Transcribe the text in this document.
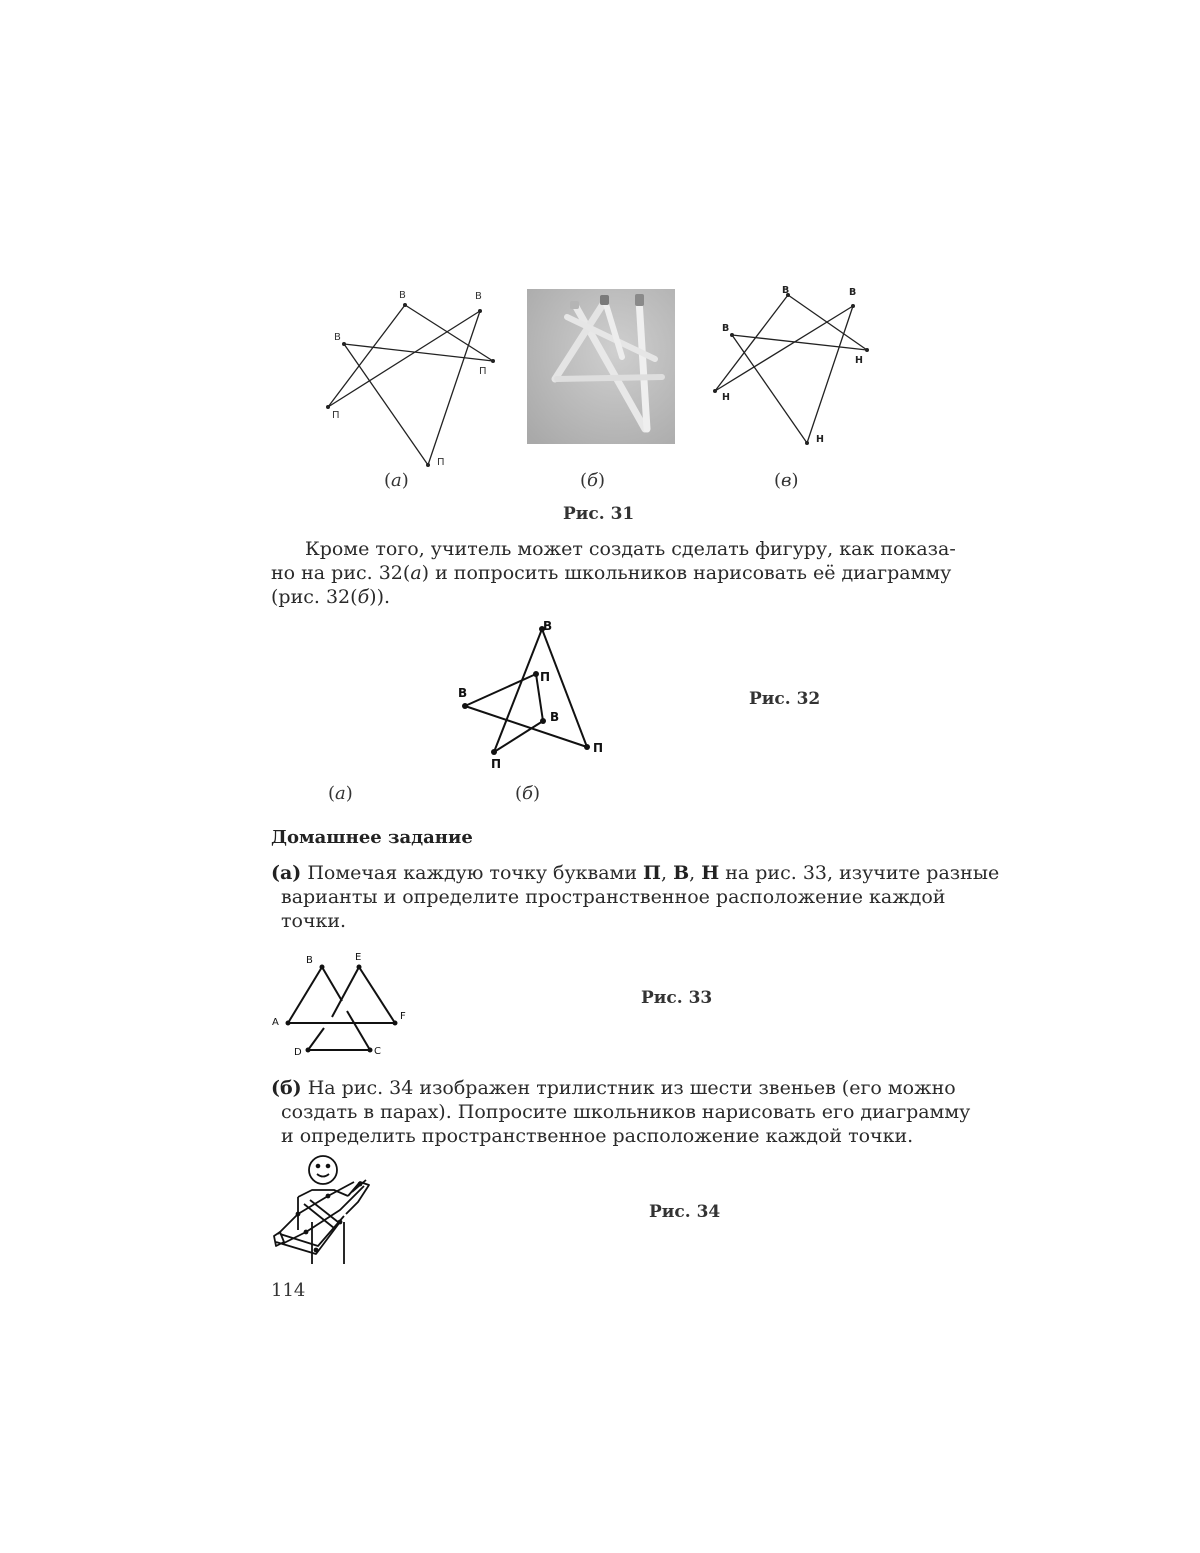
В	В
В
П
П
П
В	В
В
Н
Н
Н
(а)	(б)	(в)
Рис. 31
Кроме того, учитель может создать сделать фигуру, как показа-
но на рис. 32(а) и попросить школьников нарисовать её диаграмму
(рис. 32(б)).
В
П
В
В
П
П
(а)	(б)
Рис. 32
Домашнее задание
(а) Помечая каждую точку буквами П, В, Н на рис. 33, изучите разные
варианты и определите пространственное расположение каждой
точки.
A
B	E
F
D	C
Рис. 33
(б) На рис. 34 изображен трилистник из шести звеньев (его можно
создать в парах). Попросите школьников нарисовать его диаграмму
и определить пространственное расположение каждой точки.
Рис. 34
114
